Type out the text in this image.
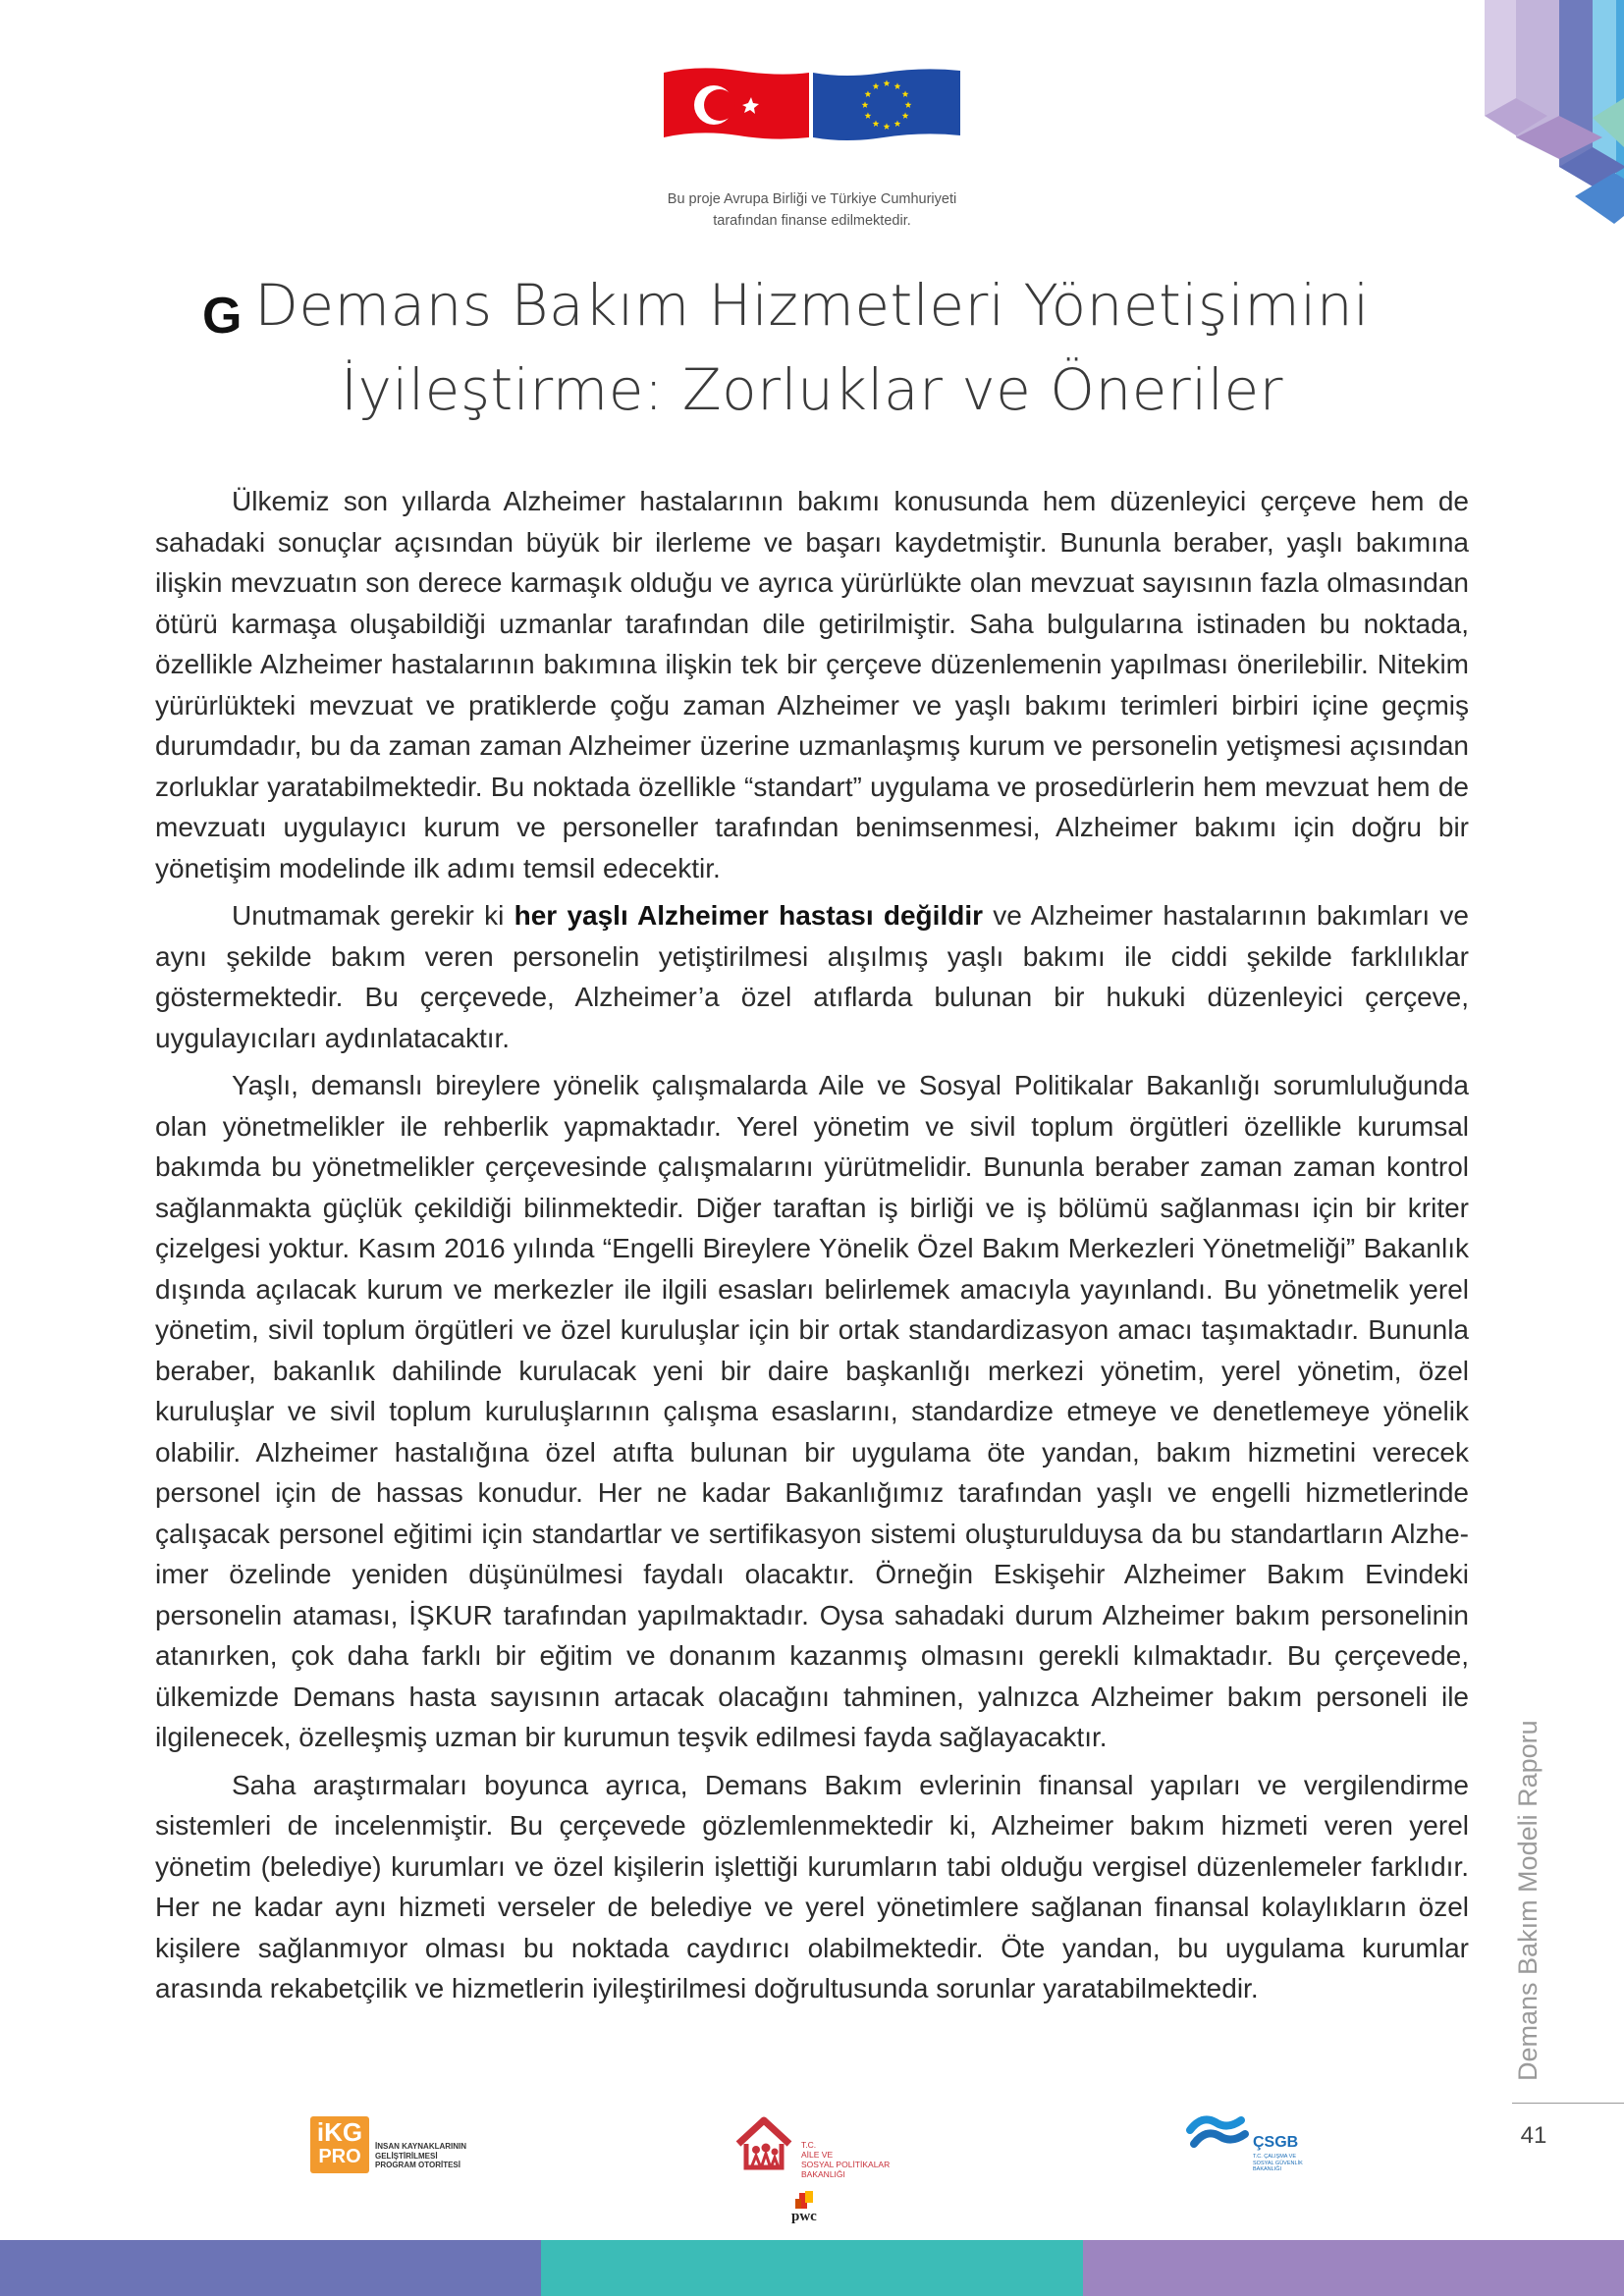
Bu proje Avrupa Birliği ve Türkiye Cumhuriyeti
tarafından finanse edilmektedir.
G Demans Bakım Hizmetleri Yönetişimini
İyileştirme: Zorluklar ve Öneriler

Ülkemiz son yıllarda Alzheimer hastalarının bakımı konusunda hem düzenleyici çerçeve hem de sahadaki sonuçlar açısından büyük bir ilerleme ve başarı kaydetmiştir. Bununla beraber, yaşlı bakımına ilişkin mevzuatın son derece karmaşık olduğu ve ayrıca yürürlükte olan mevzuat sayısının fazla olmasından ötürü karmaşa oluşabildiği uzmanlar tarafından dile getirilmiştir. Saha bulgularına istinaden bu noktada, özellikle Alzheimer hastalarının bakımına ilişkin tek bir çerçeve düzenlemenin yapılması önerilebilir. Nitekim yürürlükteki mevzuat ve pratiklerde çoğu zaman Alzheimer ve yaşlı bakımı terimleri birbiri içine geçmiş durumdadır, bu da zaman zaman Alzheimer üzerine uzmanlaşmış kurum ve personelin yetişmesi açısından zorluklar yaratabilmektedir. Bu noktada özellikle “standart” uygulama ve prosedürlerin hem mevzuat hem de mevzuatı uygulayıcı kurum ve personeller tarafından benimsenmesi, Alzheimer bakımı için doğru bir yönetişim modelinde ilk adımı temsil edecektir.

Unutmamak gerekir ki her yaşlı Alzheimer hastası değildir ve Alzheimer hastalarının bakımları ve aynı şekilde bakım veren personelin yetiştirilmesi alışılmış yaşlı bakımı ile ciddi şekilde farklılıklar göstermektedir. Bu çerçevede, Alzheimer’a özel atıflarda bulunan bir hukuki düzenleyici çerçeve, uygulayıcıları aydınlatacaktır.

Yaşlı, demanslı bireylere yönelik çalışmalarda Aile ve Sosyal Politikalar Bakanlığı sorumluluğunda olan yönetmelikler ile rehberlik yapmaktadır. Yerel yönetim ve sivil toplum örgütleri özellikle kurumsal bakımda bu yönetmelikler çerçevesinde çalışmalarını yürütmelidir. Bununla beraber zaman zaman kontrol sağlanmakta güçlük çekildiği bilinmektedir. Diğer taraftan iş birliği ve iş bölümü sağlanması için bir kriter çizelgesi yoktur. Kasım 2016 yılında “Engelli Bireylere Yönelik Özel Bakım Merkezleri Yönetmeliği” Bakanlık dışında açılacak kurum ve merkezler ile ilgili esasları belirlemek amacıyla yayınlandı. Bu yönetmelik yerel yönetim, sivil toplum örgütleri ve özel kuruluşlar için bir ortak standardizasyon amacı taşımaktadır. Bununla beraber, bakanlık dahilinde kurulacak yeni bir daire başkanlığı merkezi yönetim, yerel yönetim, özel kuruluşlar ve sivil toplum kuruluşlarının çalışma esaslarını, standardize etmeye ve denetlemeye yönelik olabilir. Alzheimer hastalığına özel atıfta bulunan bir uygulama öte yandan, bakım hizmetini verecek personel için de hassas konudur. Her ne kadar Bakanlığımız tarafından yaşlı ve engelli hizmetlerinde çalışacak personel eğitimi için standartlar ve sertifikasyon sistemi oluşturulduysa da bu standartların Alzheimer özelinde yeniden düşünülmesi faydalı olacaktır. Örneğin Eskişehir Alzheimer Bakım Evindeki personelin ataması, İŞKUR tarafından yapılmaktadır. Oysa sahadaki durum Alzheimer bakım personelinin atanırken, çok daha farklı bir eğitim ve donanım kazanmış olmasını gerekli kılmaktadır. Bu çerçevede, ülkemizde Demans hasta sayısının artacak olacağını tahminen, yalnızca Alzheimer bakım personeli ile ilgilenecek, özelleşmiş uzman bir kurumun teşvik edilmesi fayda sağlayacaktır.

Saha araştırmaları boyunca ayrıca, Demans Bakım evlerinin finansal yapıları ve vergilendirme sistemleri de incelenmiştir. Bu çerçevede gözlemlenmektedir ki, Alzheimer bakım hizmeti veren yerel yönetim (belediye) kurumları ve özel kişilerin işlettiği kurumların tabi olduğu vergisel düzenlemeler farklıdır. Her ne kadar aynı hizmeti verseler de belediye ve yerel yönetimlere sağlanan finansal kolaylıkların özel kişilere sağlanmıyor olması bu noktada caydırıcı olabilmektedir. Öte yandan, bu uygulama kurumlar arasında rekabetçilik ve hizmetlerin iyileştirilmesi doğrultusunda sorunlar yaratabilmektedir.	Demans Bakım Modeli Raporu
41
iKG
PRO	İNSAN KAYNAKLARININ
GELİŞTİRİLMESİ
PROGRAM OTORİTESİ
T.C.
AİLE VE
SOSYAL POLİTİKALAR
BAKANLIĞI
pwc
ÇSGB
T.C. ÇALIŞMA VE
SOSYAL GÜVENLİK
BAKANLIĞI
